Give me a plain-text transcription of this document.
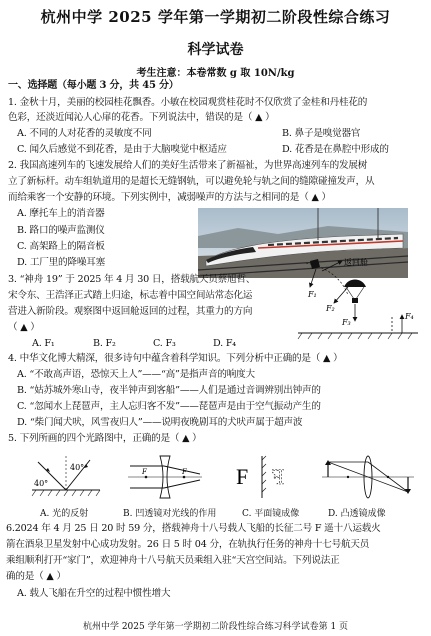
杭州中学 2025 学年第一学期初二阶段性综合练习
科学试卷
考生注意：本卷常数 g 取 10N/kg
一、选择题（每小题 3 分，共 45 分）
1. 金秋十月，美丽的校园桂花飘香。小敏在校园观赏桂花时不仅欣赏了金桂和丹桂花的
色彩，还淡近闻沁人心扉的花香。下列说法中，错误的是（ ▲ ）
A. 不同的人对花香的灵敏度不同	B. 鼻子是嗅觉器官
C. 闻久后感觉不到花香，是由于大脑嗅觉中枢适应	D. 花香是在鼻腔中形成的
2. 我国高速列车的飞速发展给人们的美好生活带来了新福祉，为世界高速列车的发展树
立了新标杆。动车组轨道用的是超长无缝钢轨，可以避免轮与轨之间的缝隙碰撞发声，从
而给乘客一个安静的环境。下列实例中，减弱噪声的方法与之相同的是（ ▲ ）
A. 摩托车上的消音器
B. 路口的噪声监测仪
C. 高架路上的隔音板
D. 工厂里的降噪耳塞
3. “神舟 19” 于 2025 年 4 月 30 日，搭载航天员蔡旭哲、
宋令东、王浩泽正式踏上归途，标志着中国空间站常态化运
营进入新阶段。观察图中返回舱返回的过程，其重力的方向
（ ▲ ）
A. F₁	B. F₂	C. F₃	D. F₄
F₁
返回舱
F₂
F₃
F₄
4. 中华文化博大精深，很多诗句中蕴含着科学知识。下列分析中正确的是（ ▲ ）
A. “不敢高声语，恐惊天上人”——“高”是指声音的响度大
B. “姑苏城外寒山寺，夜半钟声到客船”——人们是通过音调辨别出钟声的
C. “忽闻水上琵琶声，主人忘归客不发”——琵琶声是由于空气振动产生的
D. “柴门闻犬吠，风雪夜归人”——说明夜晚剧耳的犬吠声属于超声波
5. 下列所画的四个光路图中，正确的是（ ▲ ）
40°
40°
A. 光的反射
F	F
B. 凹透镜对光线的作用
F F
C. 平面镜成像	D. 凸透镜成像
6.2024 年 4 月 25 日 20 时 59 分，搭载神舟十八号载人飞船的长征二号 F 遥十八运载火
箭在酒泉卫星发射中心成功发射。26 日 5 时 04 分，在轨执行任务的神舟十七号航天员
乘组顺利打开“家门”，欢迎神舟十八号航天员乘组入驻“天宫空间站。下列说法正
确的是（ ▲ ）
A. 载人飞船在升空的过程中惯性增大
杭州中学 2025 学年第一学期初二阶段性综合练习科学试卷第 1 页
